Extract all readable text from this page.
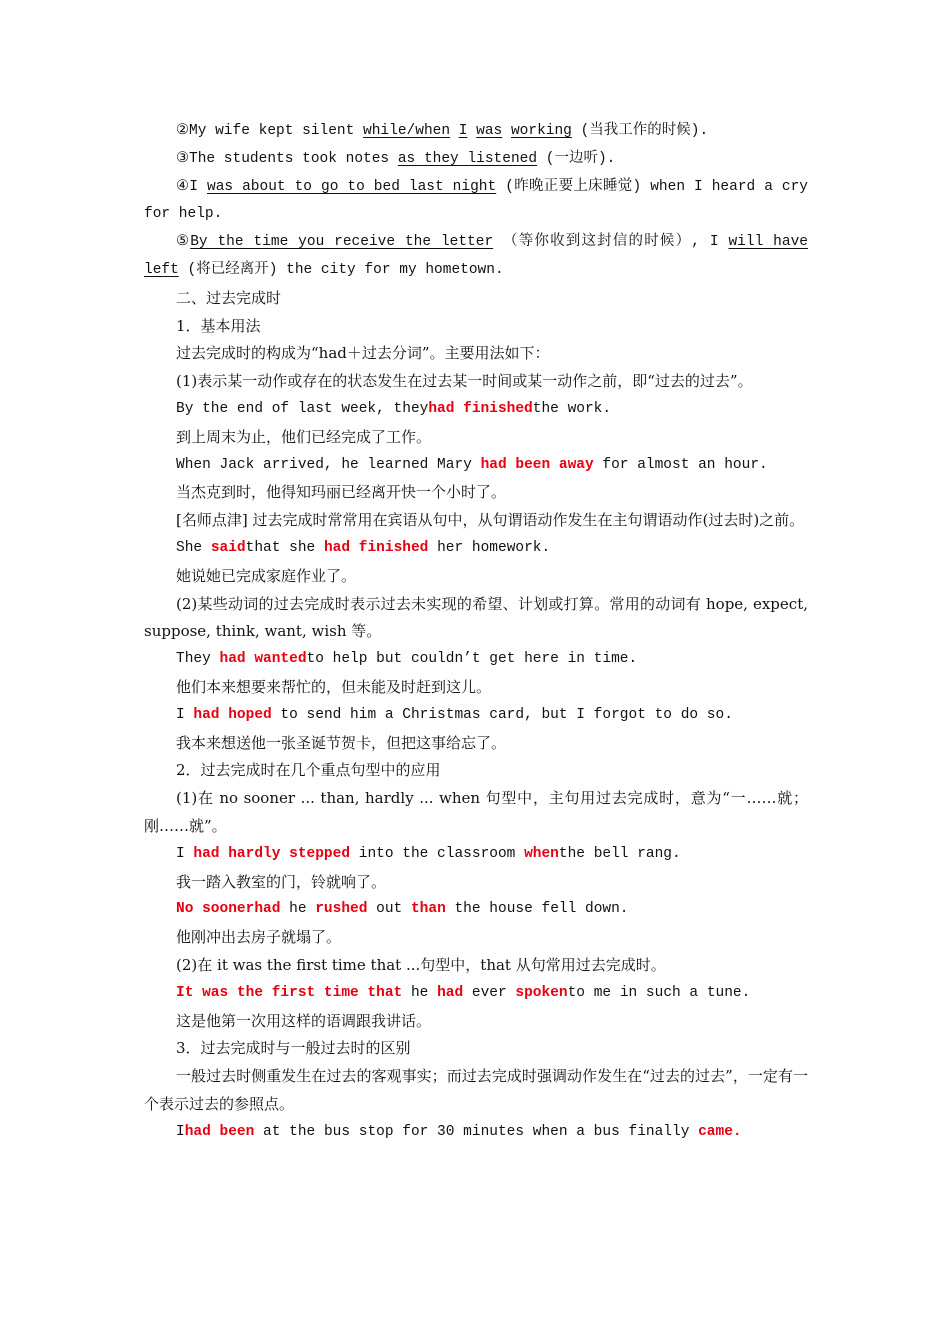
②My wife kept silent while/when I was working (当我工作的时候).

③The students took notes as they listened (一边听).

④I was about to go to bed last night (昨晚正要上床睡觉) when I heard a cry for help.

⑤By the time you receive the letter （等你收到这封信的时候）, I will have left (将已经离开) the city for my hometown.

二、过去完成时

1．基本用法

过去完成时的构成为“had＋过去分词”。主要用法如下：

(1)表示某一动作或存在的状态发生在过去某一时间或某一动作之前，即“过去的过去”。

By the end of last week, theyhad finishedthe work.

到上周末为止，他们已经完成了工作。

When Jack arrived, he learned Mary had been away for almost an hour.

当杰克到时，他得知玛丽已经离开快一个小时了。

[名师点津] 过去完成时常常用在宾语从句中，从句谓语动作发生在主句谓语动作(过去时)之前。

She saidthat she had finished her homework.

她说她已完成家庭作业了。

(2)某些动词的过去完成时表示过去未实现的希望、计划或打算。常用的动词有 hope, expect, suppose, think, want, wish 等。

They had wantedto help but couldn’t get here in time.

他们本来想要来帮忙的，但未能及时赶到这儿。

I had hoped to send him a Christmas card, but I forgot to do so.

我本来想送他一张圣诞节贺卡，但把这事给忘了。

2．过去完成时在几个重点句型中的应用

(1)在 no sooner ... than, hardly ... when 句型中，主句用过去完成时，意为“一……就；刚……就”。

I had hardly stepped into the classroom whenthe bell rang.

我一踏入教室的门，铃就响了。

No soonerhad he rushed out than the house fell down.

他刚冲出去房子就塌了。

(2)在 it was the first time that ...句型中，that 从句常用过去完成时。

It was the first time that he had ever spokento me in such a tune.

这是他第一次用这样的语调跟我讲话。

3．过去完成时与一般过去时的区别

一般过去时侧重发生在过去的客观事实；而过去完成时强调动作发生在“过去的过去”，一定有一个表示过去的参照点。

Ihad been at the bus stop for 30 minutes when a bus finally came.
